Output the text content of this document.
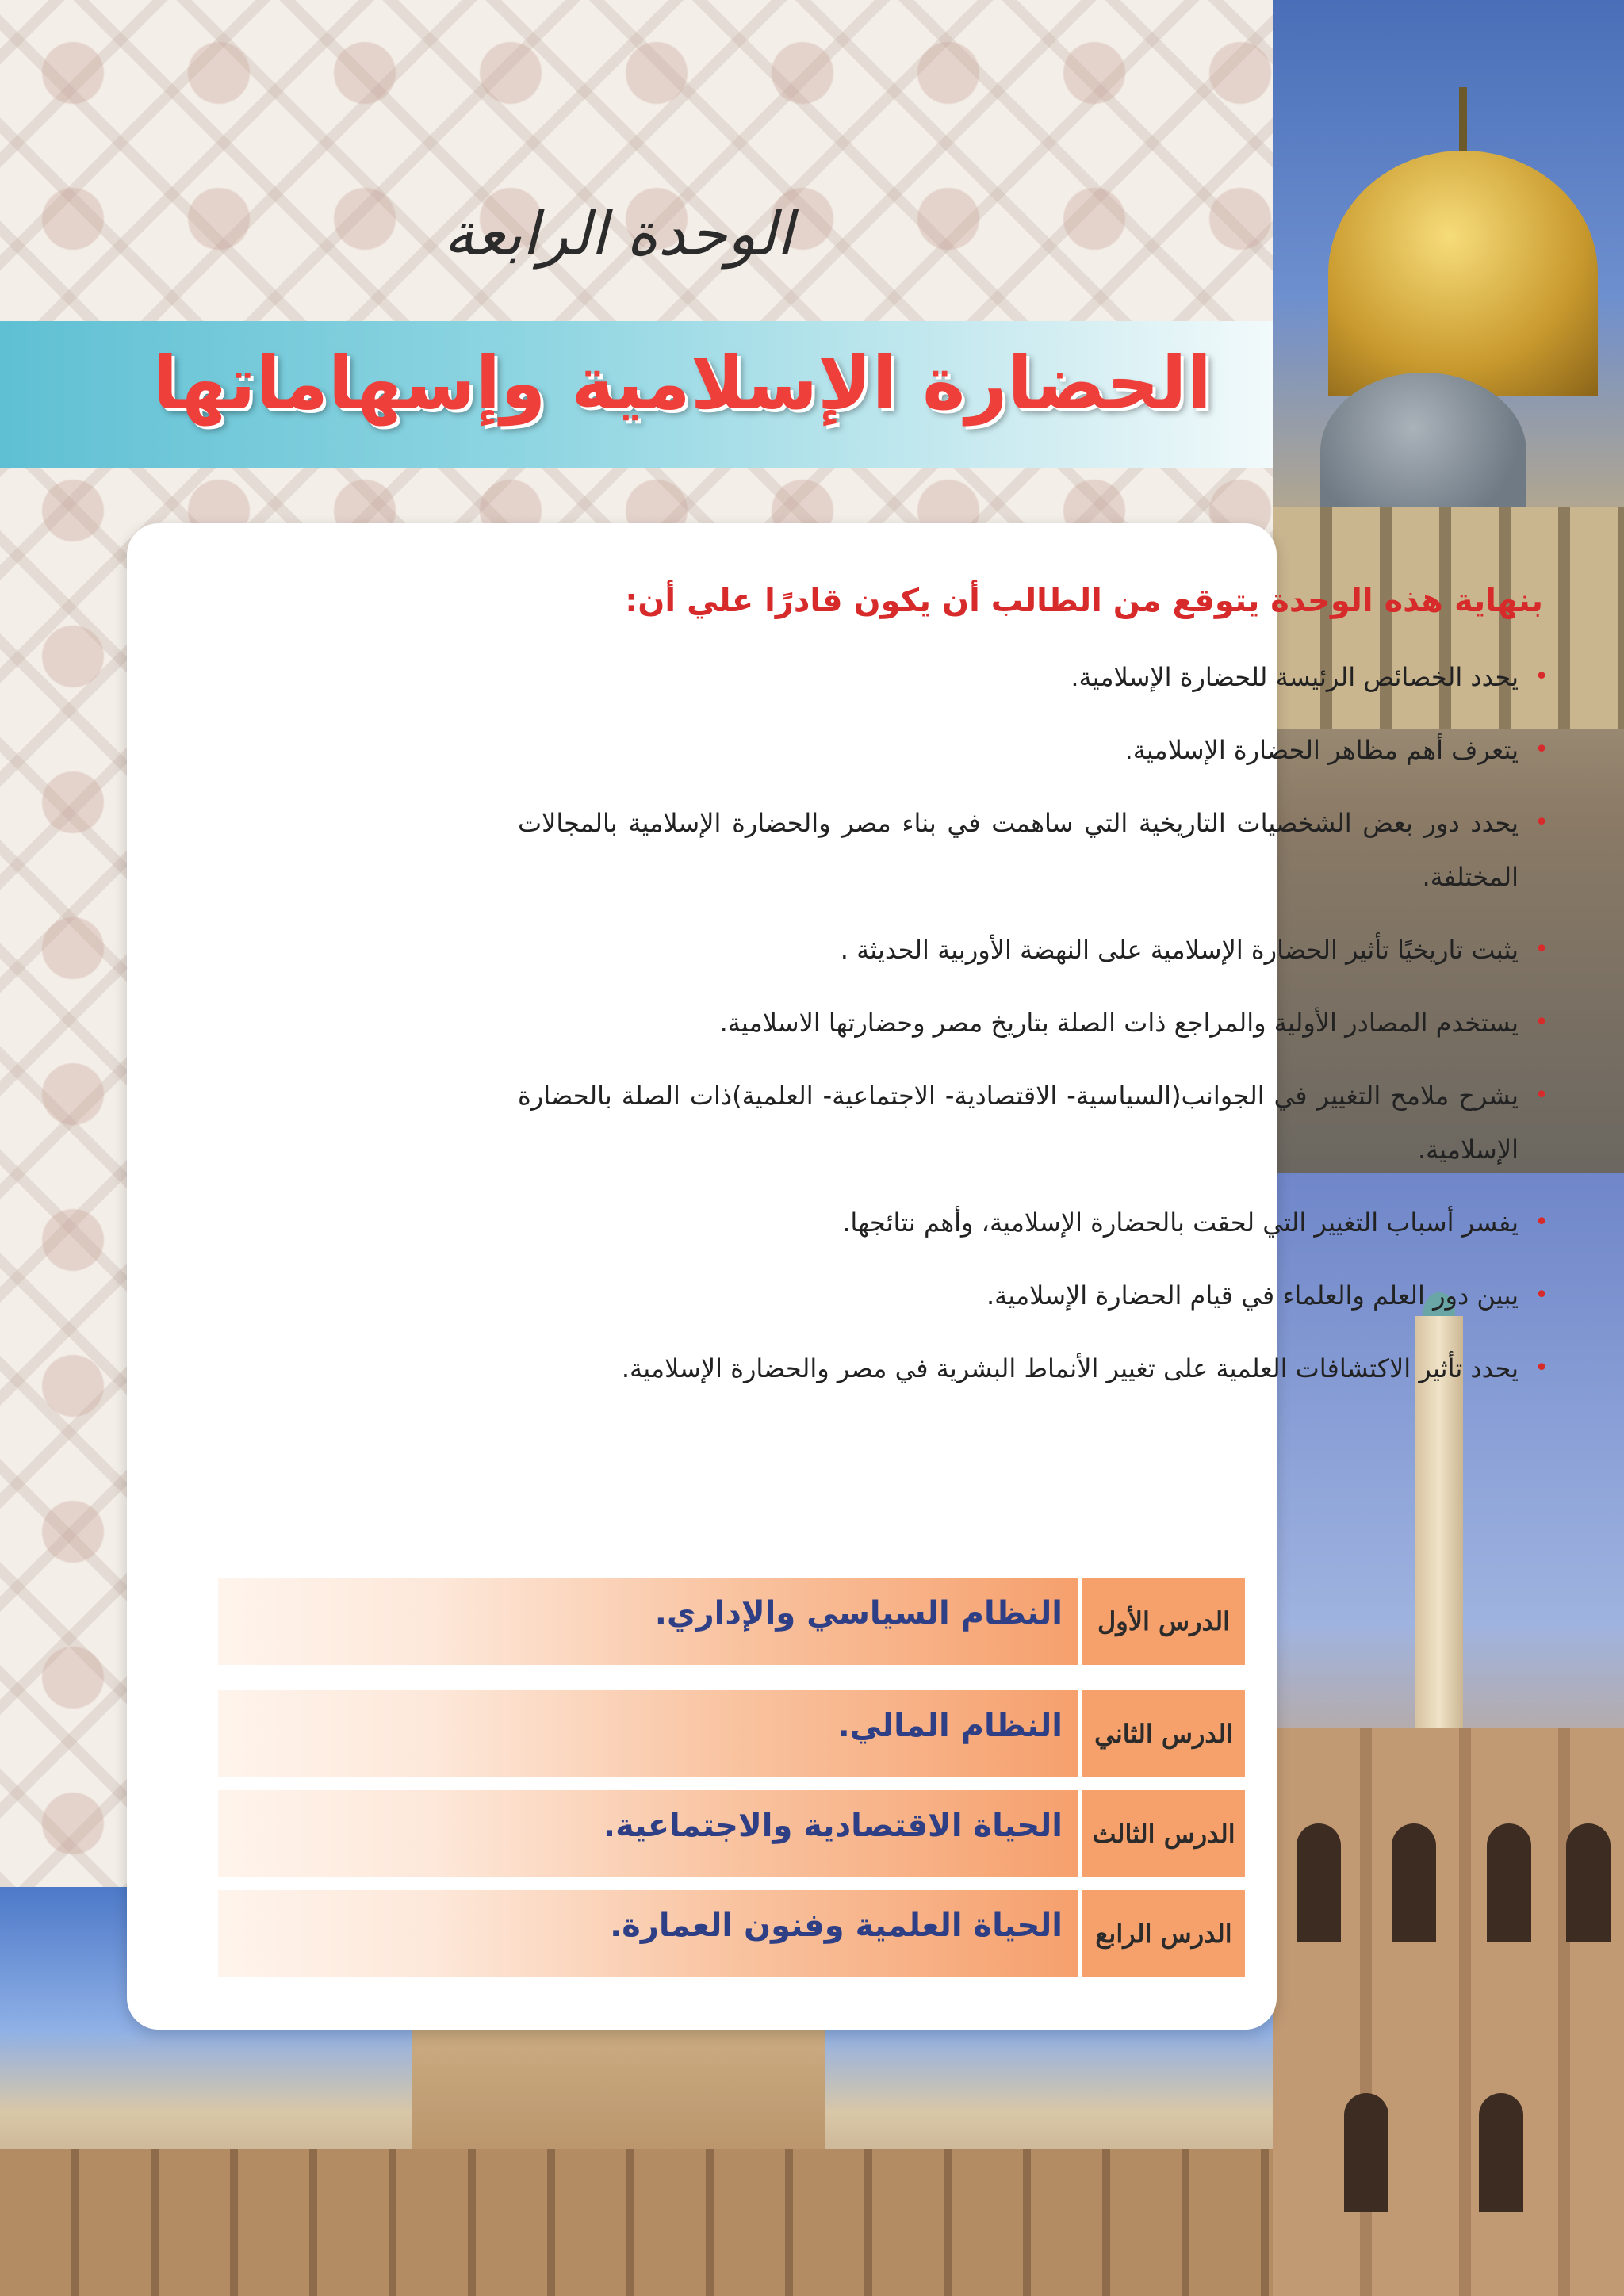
الوحدة الرابعة
الحضارة الإسلامية وإسهاماتها
بنهاية هذه الوحدة يتوقع من الطالب أن يكون قادرًا علي أن:
•
يحدد الخصائص الرئيسة للحضارة الإسلامية.
•
يتعرف أهم مظاهر الحضارة الإسلامية.
•
يحدد دور بعض الشخصيات التاريخية التي ساهمت في بناء مصر والحضارة الإسلامية بالمجالات المختلفة.
•
يثبت تاريخيًا تأثير الحضارة الإسلامية على النهضة الأوربية الحديثة .
•
يستخدم المصادر الأولية والمراجع ذات الصلة بتاريخ مصر وحضارتها الاسلامية.
•
يشرح ملامح التغيير في الجوانب(السياسية- الاقتصادية- الاجتماعية- العلمية)ذات الصلة بالحضارة الإسلامية.
•
يفسر أسباب التغيير التي لحقت بالحضارة الإسلامية، وأهم نتائجها.
•
يبين دور العلم والعلماء في قيام الحضارة الإسلامية.
•
يحدد تأثير الاكتشافات العلمية على تغيير الأنماط البشرية في مصر والحضارة الإسلامية.
الدرس الأول
النظام السياسي والإداري.
الدرس الثاني
النظام المالي.
الدرس الثالث
الحياة الاقتصادية والاجتماعية.
الدرس الرابع
الحياة العلمية وفنون العمارة.
